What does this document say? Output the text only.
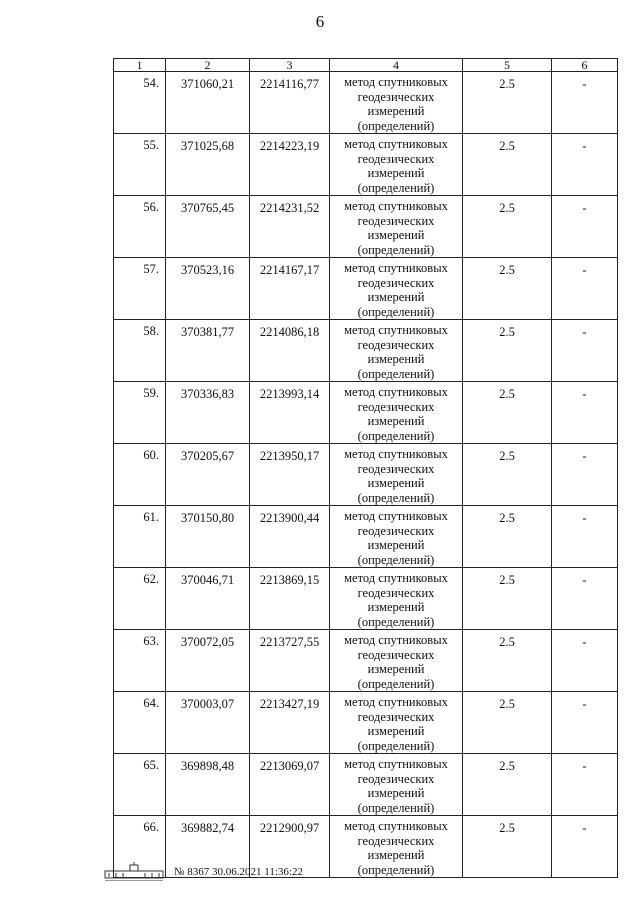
6
1	2	3	4	5	6
54.	371060,21	2214116,77	метод спутниковых геодезических измерений (определений)	2.5	-
55.	371025,68	2214223,19	метод спутниковых геодезических измерений (определений)	2.5	-
56.	370765,45	2214231,52	метод спутниковых геодезических измерений (определений)	2.5	-
57.	370523,16	2214167,17	метод спутниковых геодезических измерений (определений)	2.5	-
58.	370381,77	2214086,18	метод спутниковых геодезических измерений (определений)	2.5	-
59.	370336,83	2213993,14	метод спутниковых геодезических измерений (определений)	2.5	-
60.	370205,67	2213950,17	метод спутниковых геодезических измерений (определений)	2.5	-
61.	370150,80	2213900,44	метод спутниковых геодезических измерений (определений)	2.5	-
62.	370046,71	2213869,15	метод спутниковых геодезических измерений (определений)	2.5	-
63.	370072,05	2213727,55	метод спутниковых геодезических измерений (определений)	2.5	-
64.	370003,07	2213427,19	метод спутниковых геодезических измерений (определений)	2.5	-
65.	369898,48	2213069,07	метод спутниковых геодезических измерений (определений)	2.5	-
66.	369882,74	2212900,97	метод спутниковых геодезических измерений (определений)	2.5	-
№ 8367 30.06.2021 11:36:22
